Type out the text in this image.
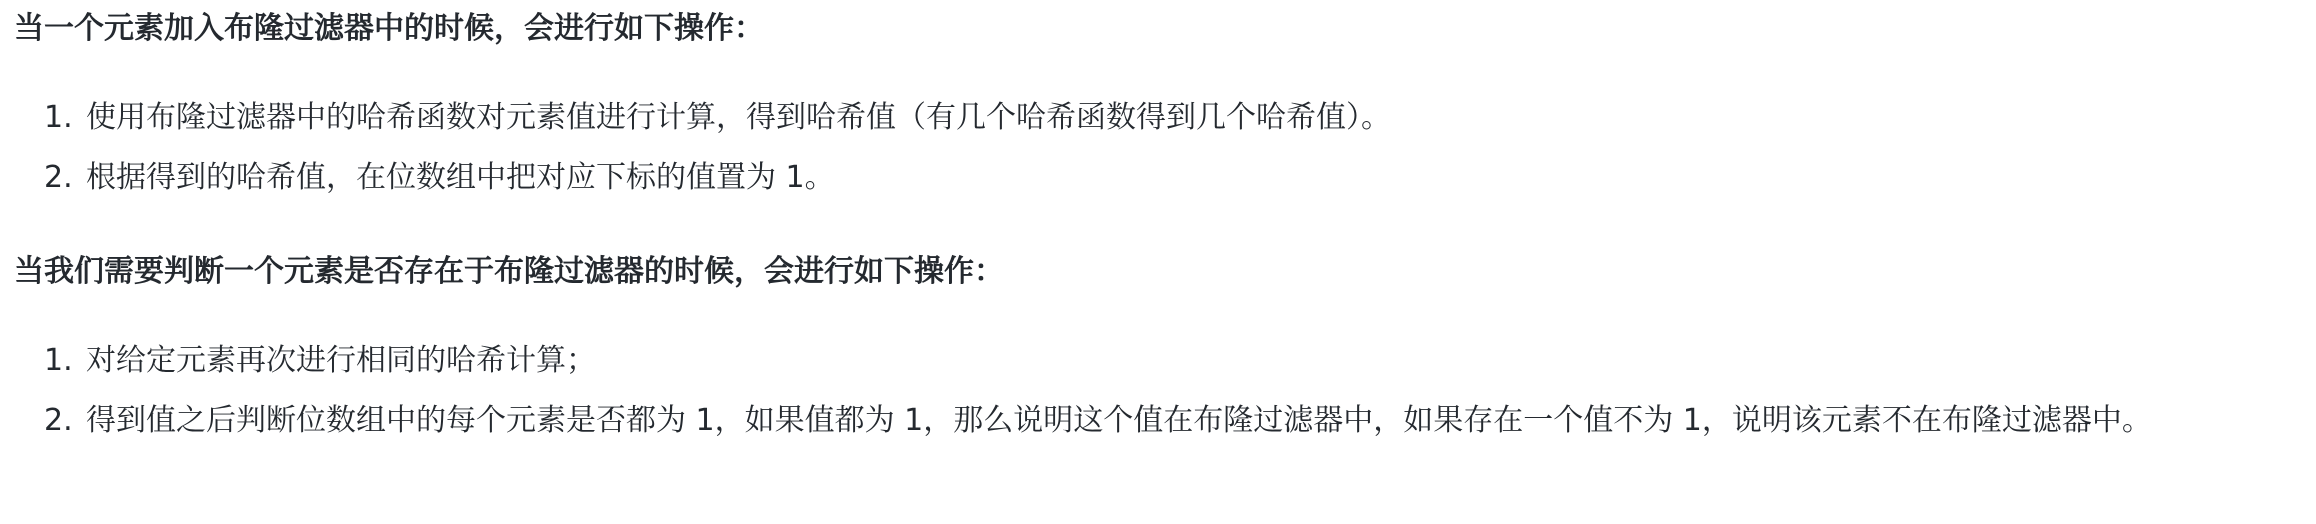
当一个元素加入布隆过滤器中的时候，会进行如下操作：

1. 使用布隆过滤器中的哈希函数对元素值进行计算，得到哈希值（有几个哈希函数得到几个哈希值）。
2. 根据得到的哈希值，在位数组中把对应下标的值置为 1。

当我们需要判断一个元素是否存在于布隆过滤器的时候，会进行如下操作：

1. 对给定元素再次进行相同的哈希计算；
2. 得到值之后判断位数组中的每个元素是否都为 1，如果值都为 1，那么说明这个值在布隆过滤器中，如果存在一个值不为 1，说明该元素不在布隆过滤器中。
